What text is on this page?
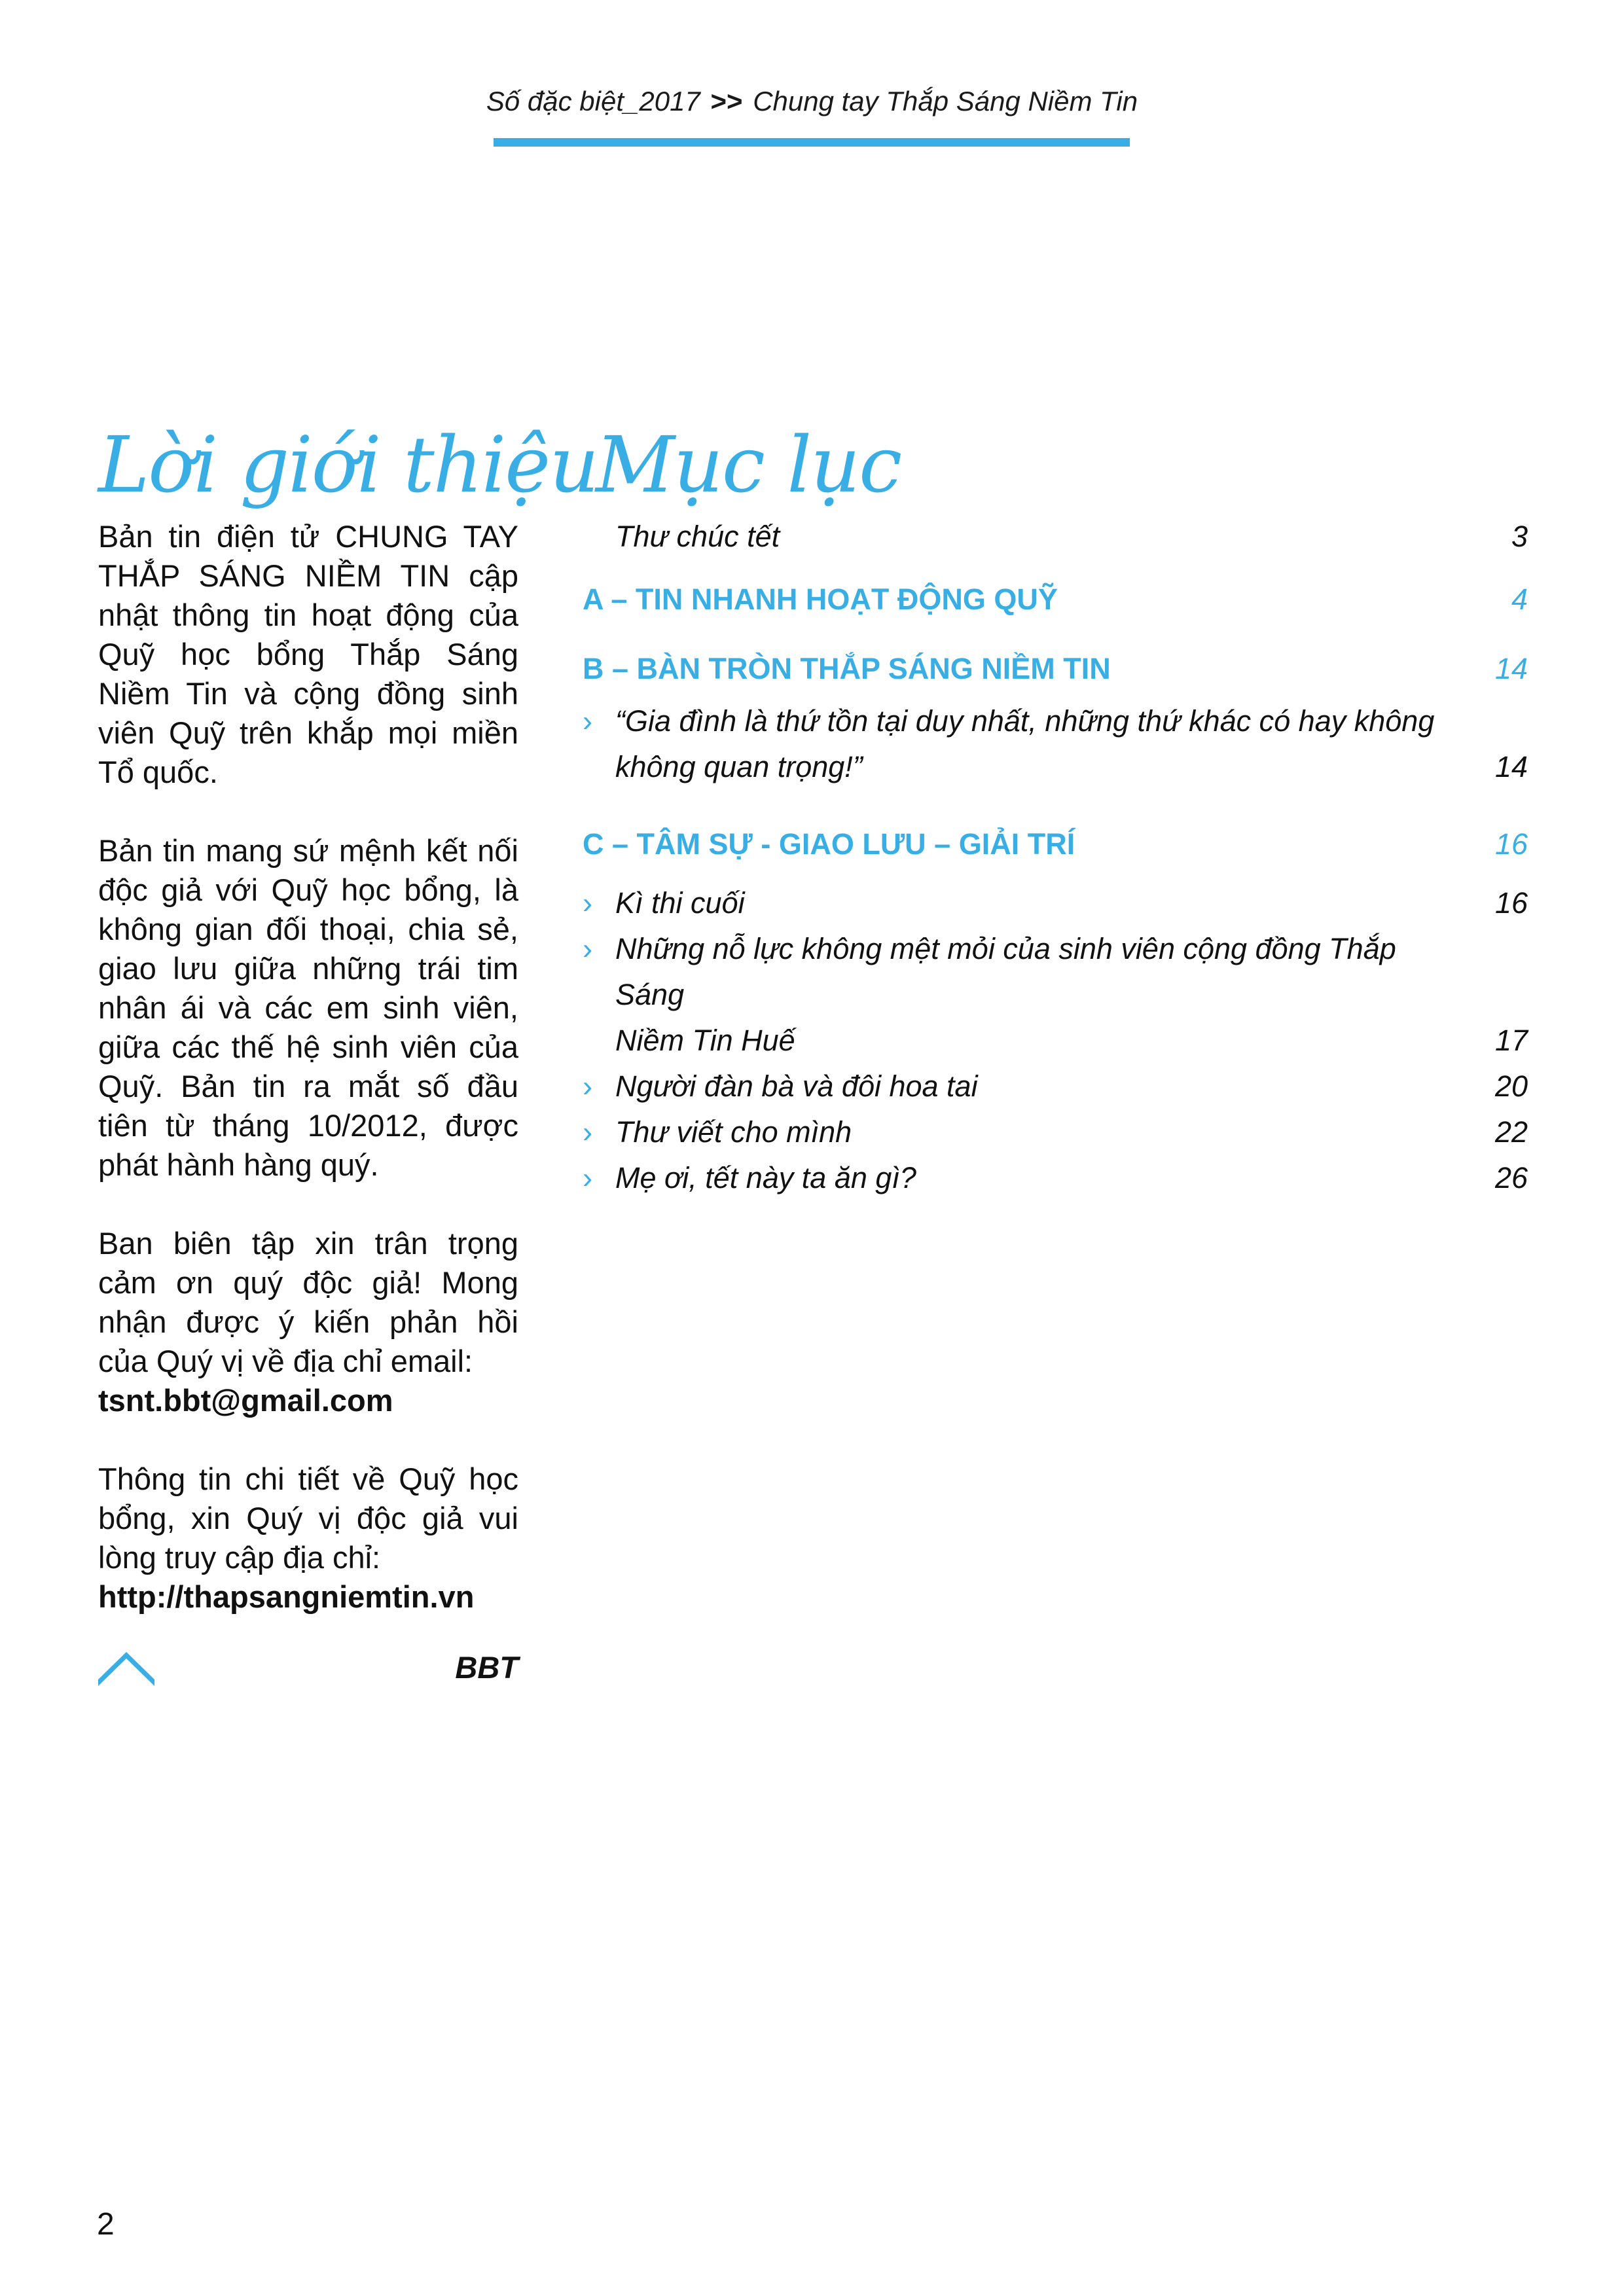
Số đặc biệt_2017 >> Chung tay Thắp Sáng Niềm Tin
Lời giới thiệu

Bản tin điện tử CHUNG TAY THẮP SÁNG NIỀM TIN cập nhật thông tin hoạt động của Quỹ học bổng Thắp Sáng Niềm Tin và cộng đồng sinh viên Quỹ trên khắp mọi miền Tổ quốc.

Bản tin mang sứ mệnh kết nối độc giả với Quỹ học bổng, là không gian đối thoại, chia sẻ, giao lưu giữa những trái tim nhân ái và các em sinh viên, giữa các thế hệ sinh viên của Quỹ. Bản tin ra mắt số đầu tiên từ tháng 10/2012, được phát hành hàng quý.

Ban biên tập xin trân trọng cảm ơn quý độc giả! Mong nhận được ý kiến phản hồi của Quý vị về địa chỉ email:

tsnt.bbt@gmail.com

Thông tin chi tiết về Quỹ học bổng, xin Quý vị độc giả vui lòng truy cập địa chỉ:

http://thapsangniemtin.vn

BBT
Mục lục
Thư chúc tết	3
A – TIN NHANH HOẠT ĐỘNG QUỸ	4
B – BÀN TRÒN THẮP SÁNG NIỀM TIN	14
› “Gia đình là thứ tồn tại duy nhất, những thứ khác có hay không
không quan trọng!”	14
C – TÂM SỰ - GIAO LƯU – GIẢI TRÍ	16
› Kì thi cuối	16
› Những nỗ lực không mệt mỏi của sinh viên cộng đồng Thắp Sáng
Niềm Tin Huế	17
› Người đàn bà và đôi hoa tai	20
› Thư viết cho mình	22
› Mẹ ơi, tết này ta ăn gì?	26
2
